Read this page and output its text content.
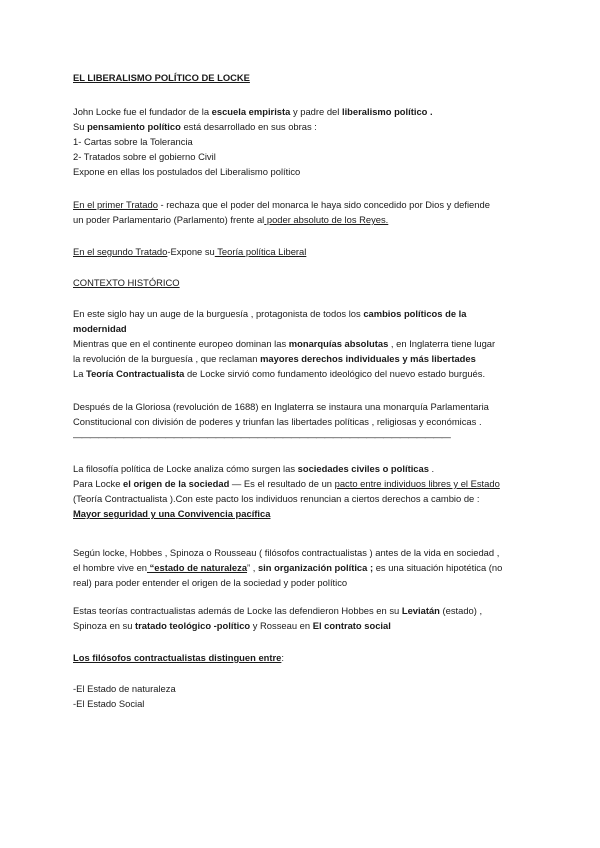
EL LIBERALISMO POLÍTICO DE LOCKE

John Locke fue el fundador de la escuela empirista y padre del liberalismo político .
Su pensamiento político está desarrollado en sus obras :
1- Cartas sobre la Tolerancia
2- Tratados sobre el gobierno Civil
Expone en ellas los postulados del Liberalismo político
En el primer Tratado - rechaza que el poder del monarca le haya sido concedido por Dios y defiende
un poder Parlamentario (Parlamento) frente al poder absoluto de los Reyes.
En el segundo Tratado-Expone su Teoría política Liberal
CONTEXTO HISTÓRICO
En este siglo hay un auge de la burguesía , protagonista de todos los cambios políticos de la
modernidad
Mientras que en el continente europeo dominan las monarquías absolutas , en Inglaterra tiene lugar
la revolución de la burguesía , que reclaman mayores derechos individuales y más libertades
La Teoría Contractualista de Locke sirvió como fundamento ideológico del nuevo estado burgués.
Después de la Gloriosa (revolución de 1688) en Inglaterra se instaura una monarquía Parlamentaria
Constitucional con división de poderes y triunfan las libertades políticas , religiosas y económicas .
—————————————————————————————————————————————
La filosofía política de Locke analiza cómo surgen las sociedades civiles o políticas .
Para Locke el origen de la sociedad — Es el resultado de un pacto entre individuos libres y el Estado
(Teoría Contractualista ).Con este pacto los individuos renuncian a ciertos derechos a cambio de :
Mayor seguridad y una Convivencia pacífica
Según locke, Hobbes , Spinoza o Rousseau ( filósofos contractualistas ) antes de la vida en sociedad ,
el hombre vive en “estado de naturaleza” , sin organización política ; es una situación hipotética (no
real) para poder entender el origen de la sociedad y poder político
Estas teorías contractualistas además de Locke las defendieron Hobbes en su Leviatán (estado) ,
Spinoza en su tratado teológico -político y Rosseau en El contrato social
Los filósofos contractualistas distinguen entre:
-El Estado de naturaleza
-El Estado Social
